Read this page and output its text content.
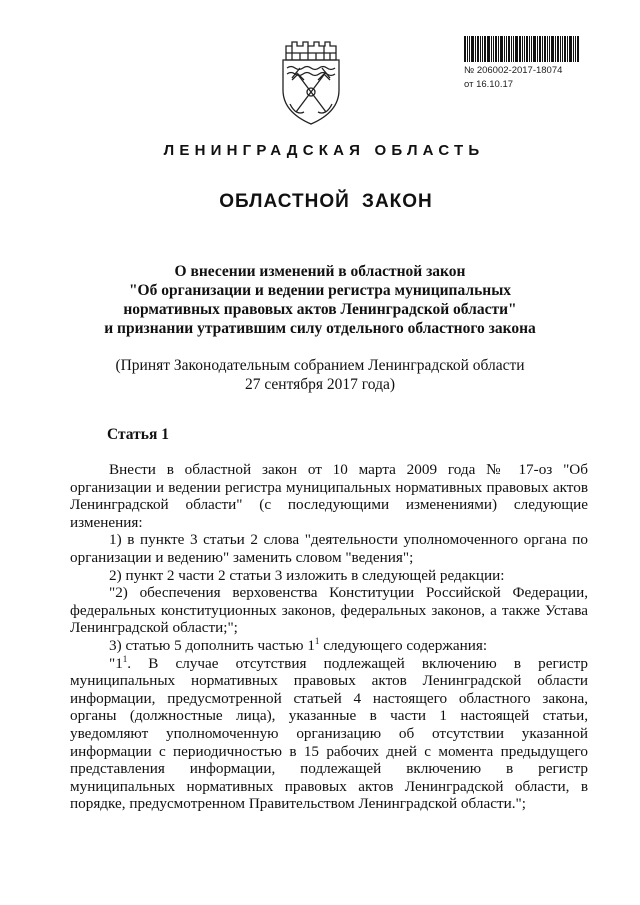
№ 206002-2017-18074
от 16.10.17
ЛЕНИНГРАДСКАЯ ОБЛАСТЬ
ОБЛАСТНОЙ ЗАКОН
О внесении изменений в областной закон
"Об организации и ведении регистра муниципальных
нормативных правовых актов Ленинградской области"
и признании утратившим силу отдельного областного закона
(Принят Законодательным собранием Ленинградской области
27 сентября 2017 года)
Статья 1

Внести в областной закон от 10 марта 2009 года № 17-оз "Об организации и ведении регистра муниципальных нормативных правовых актов Ленинградской области" (с последующими изменениями) следующие изменения:

1) в пункте 3 статьи 2 слова "деятельности уполномоченного органа по организации и ведению" заменить словом "ведения";

2) пункт 2 части 2 статьи 3 изложить в следующей редакции:

"2) обеспечения верховенства Конституции Российской Федерации, федеральных конституционных законов, федеральных законов, а также Устава Ленинградской области;";

3) статью 5 дополнить частью $1^1$ следующего содержания:

"$1^1$. В случае отсутствия подлежащей включению в регистр муниципальных нормативных правовых актов Ленинградской области информации, предусмотренной статьей 4 настоящего областного закона, органы (должностные лица), указанные в части 1 настоящей статьи, уведомляют уполномоченную организацию об отсутствии указанной информации с периодичностью в 15 рабочих дней с момента предыдущего представления информации, подлежащей включению в регистр муниципальных нормативных правовых актов Ленинградской области, в порядке, предусмотренном Правительством Ленинградской области.";
